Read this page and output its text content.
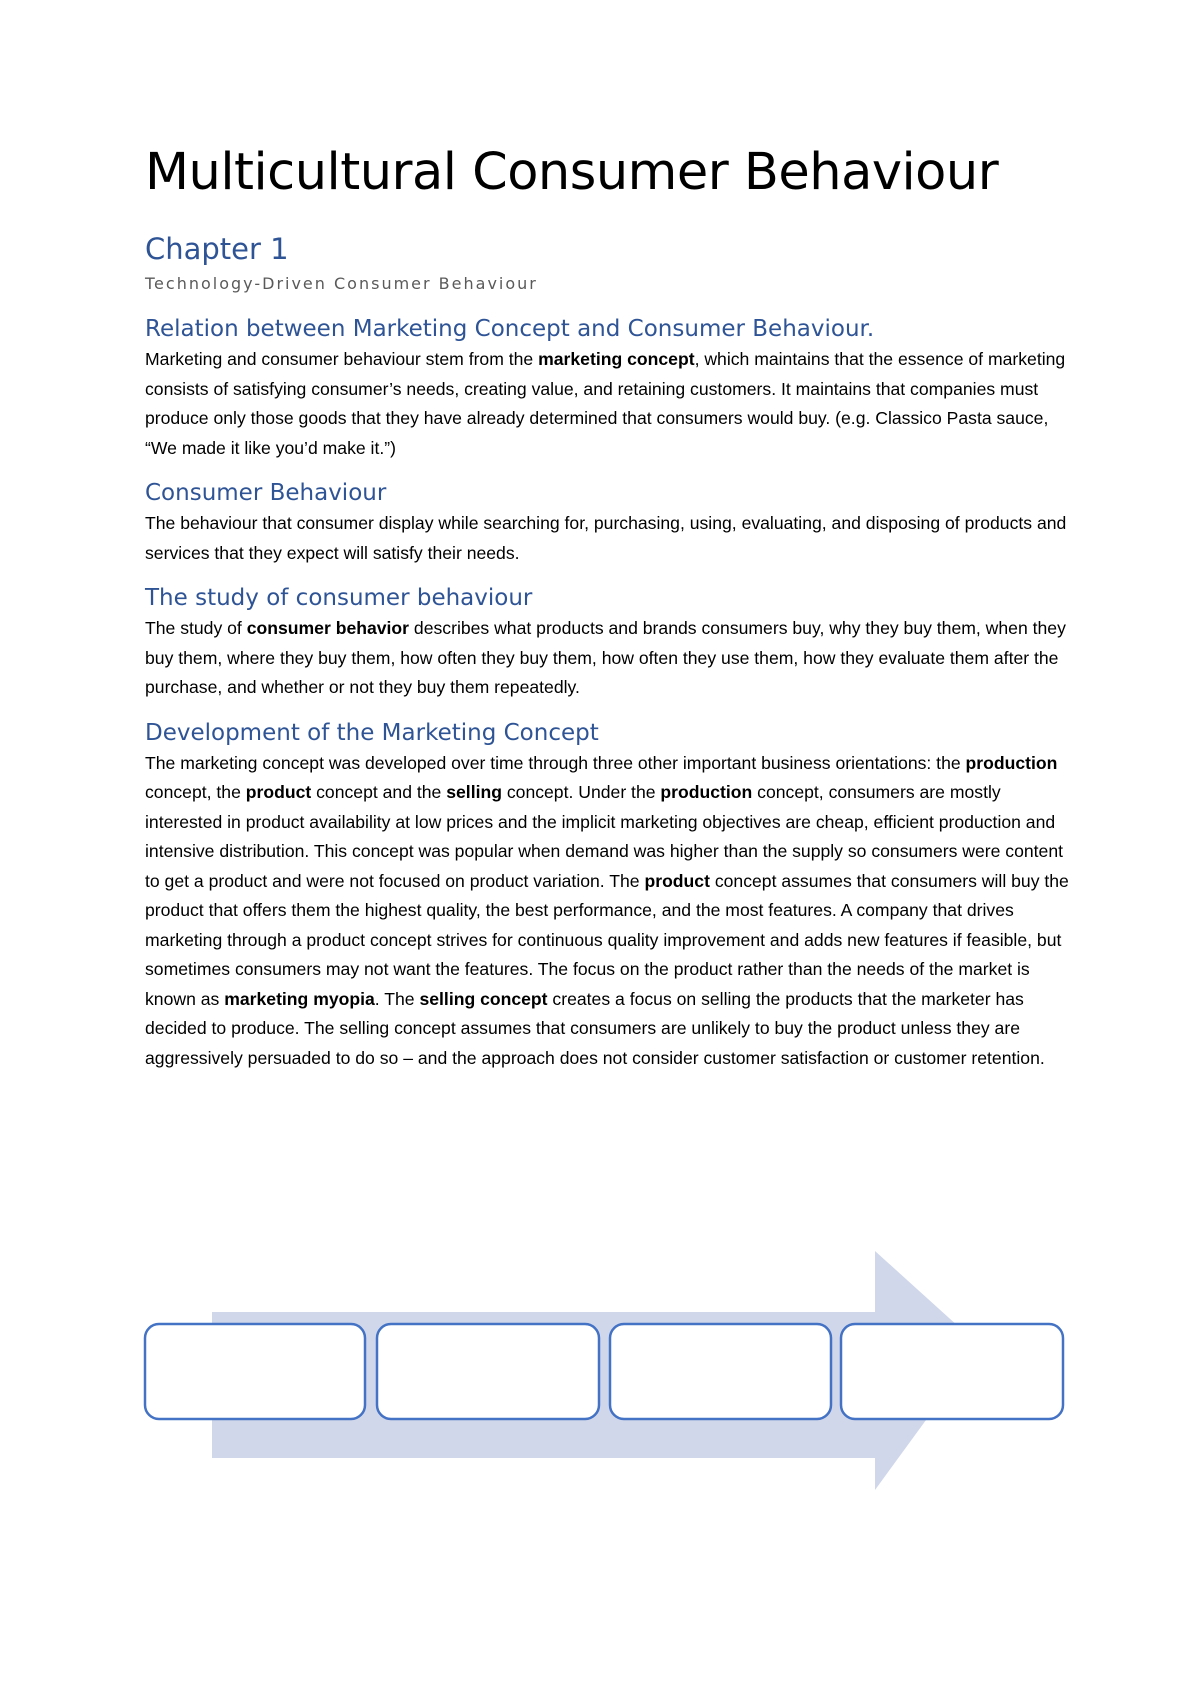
Multicultural Consumer Behaviour
Chapter 1
Technology-Driven Consumer Behaviour
Relation between Marketing Concept and Consumer Behaviour.

Marketing and consumer behaviour stem from the marketing concept, which maintains that the essence of marketing consists of satisfying consumer’s needs, creating value, and retaining customers. It maintains that companies must produce only those goods that they have already determined that consumers would buy. (e.g. Classico Pasta sauce, “We made it like you’d make it.”)

Consumer Behaviour

The behaviour that consumer display while searching for, purchasing, using, evaluating, and disposing of products and services that they expect will satisfy their needs.

The study of consumer behaviour

The study of consumer behavior describes what products and brands consumers buy, why they buy them, when they buy them, where they buy them, how often they buy them, how often they use them, how they evaluate them after the purchase, and whether or not they buy them repeatedly.

Development of the Marketing Concept

The marketing concept was developed over time through three other important business orientations: the production concept, the product concept and the selling concept. Under the production concept, consumers are mostly interested in product availability at low prices and the implicit marketing objectives are cheap, efficient production and intensive distribution. This concept was popular when demand was higher than the supply so consumers were content to get a product and were not focused on product variation. The product concept assumes that consumers will buy the product that offers them the highest quality, the best performance, and the most features. A company that drives marketing through a product concept strives for continuous quality improvement and adds new features if feasible, but sometimes consumers may not want the features. The focus on the product rather than the needs of the market is known as marketing myopia. The selling concept creates a focus on selling the products that the marketer has decided to produce. The selling concept assumes that consumers are unlikely to buy the product unless they are aggressively persuaded to do so – and the approach does not consider customer satisfaction or customer retention.
